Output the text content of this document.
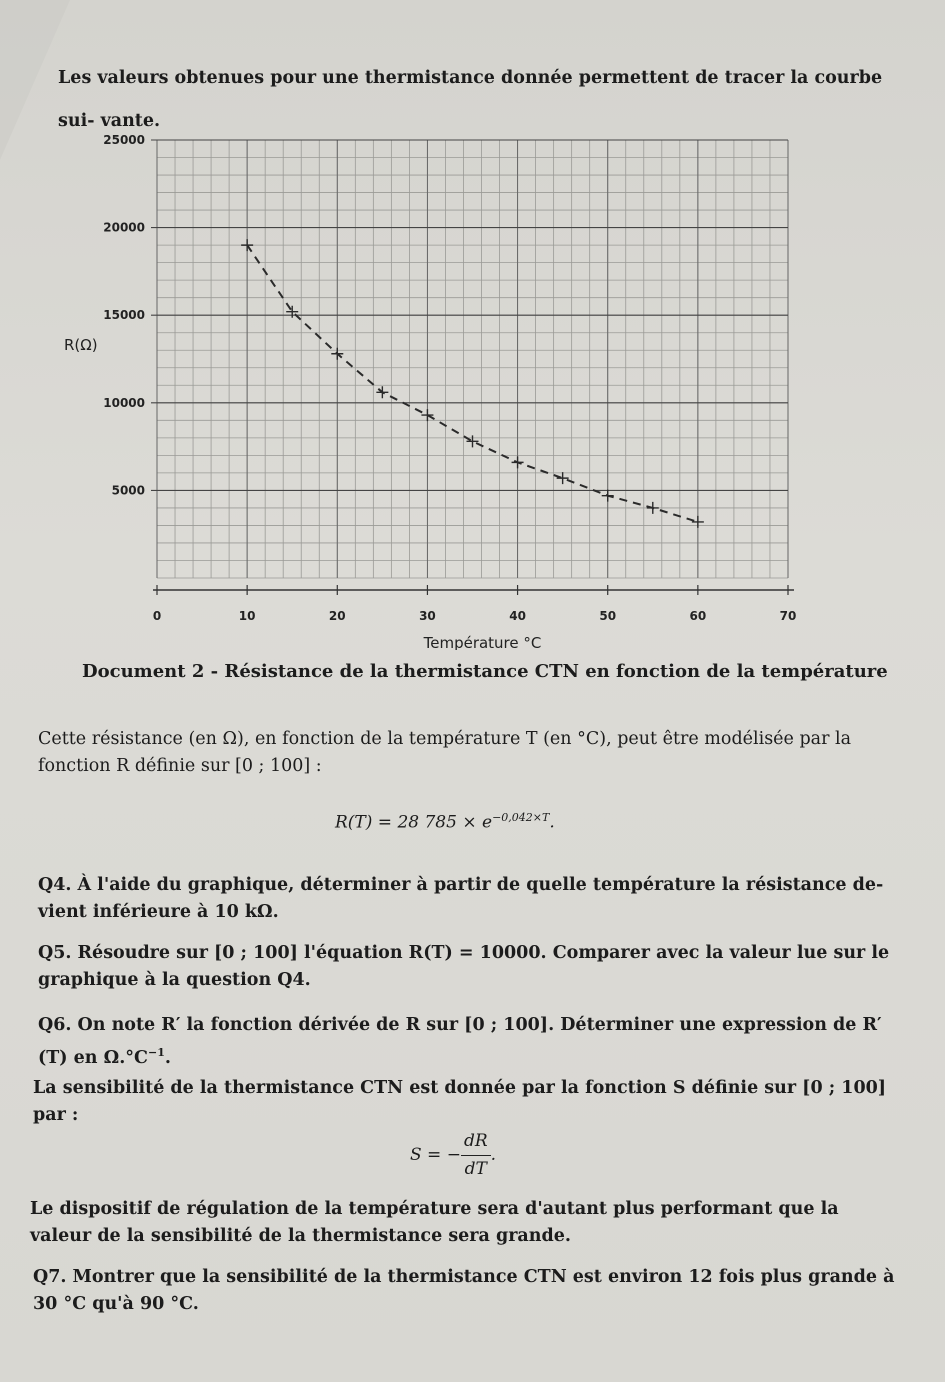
Les valeurs obtenues pour une thermistance donnée permettent de tracer la courbe sui- vante.
0	10	20	30	40	50	60	70
5000
10000
15000
20000
25000
Température °C
R(Ω)
Document 2 - Résistance de la thermistance CTN en fonction de la température
Cette résistance (en Ω), en fonction de la température T (en °C), peut être modélisée par la fonction R définie sur [0 ; 100] :
R(T) = 28 $785 \times e^{-0,042\times T}$.
Q4. À l'aide du graphique, déterminer à partir de quelle température la résistance de- vient inférieure à 10 kΩ.
Q5. Résoudre sur [0 ; 100] l'équation R(T) = 10000. Comparer avec la valeur lue sur le graphique à la question Q4.
Q6. On note R′ la fonction dérivée de R sur [0 ; 100]. Déterminer une expression de R′(T) en $\Omega.^\circ C^{-1}$.
La sensibilité de la thermistance CTN est donnée par la fonction S définie sur [0 ; 100] par :
S = − $\frac{dR}{dT}$ .
Le dispositif de régulation de la température sera d'autant plus performant que la valeur de la sensibilité de la thermistance sera grande.
Q7. Montrer que la sensibilité de la thermistance CTN est environ 12 fois plus grande à 30 °C qu'à 90 °C.
